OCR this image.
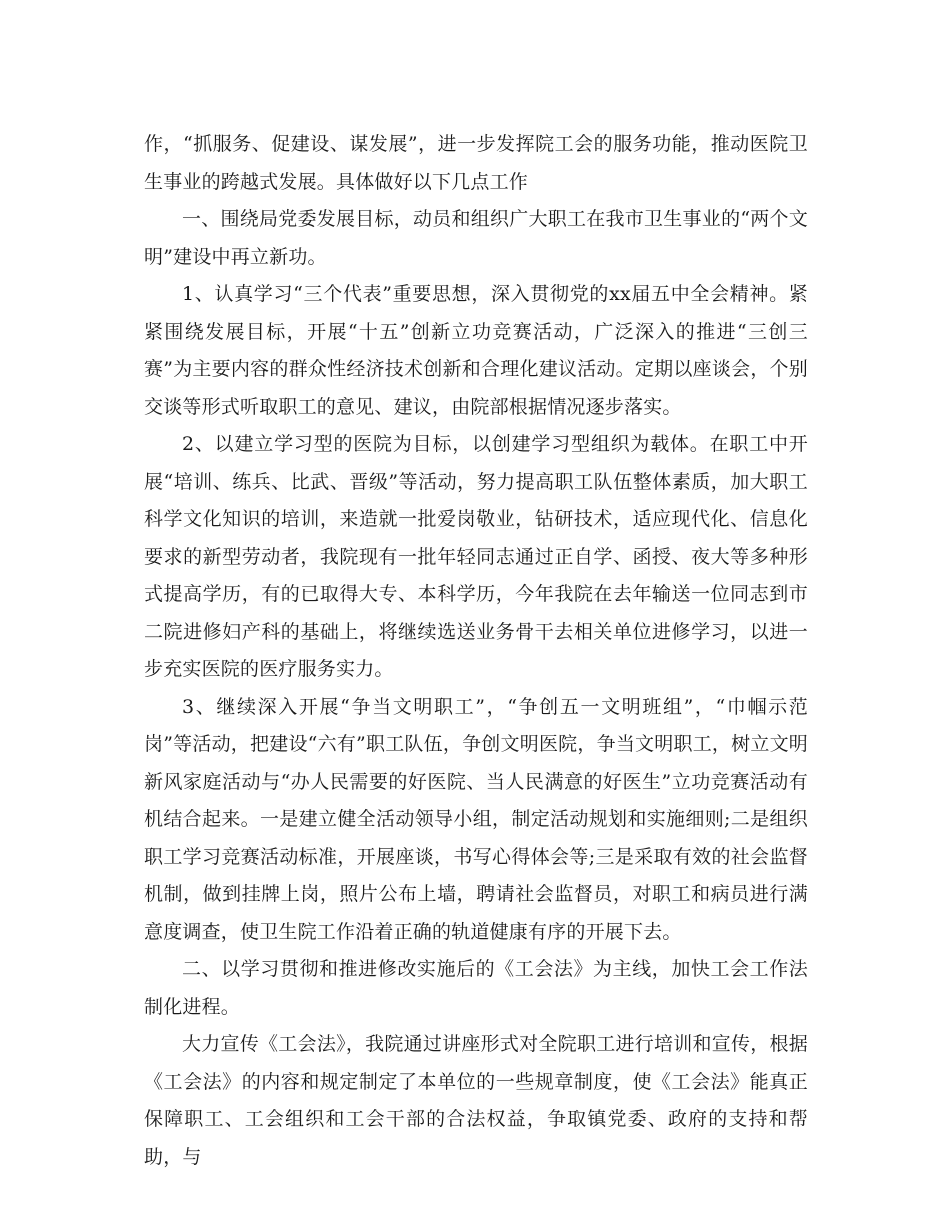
作，“抓服务、促建设、谋发展”，进一步发挥院工会的服务功能，推动医院卫生事业的跨越式发展。具体做好以下几点工作

一、围绕局党委发展目标，动员和组织广大职工在我市卫生事业的“两个文明”建设中再立新功。

1、认真学习“三个代表”重要思想，深入贯彻党的xx届五中全会精神。紧紧围绕发展目标，开展“十五”创新立功竞赛活动，广泛深入的推进“三创三赛”为主要内容的群众性经济技术创新和合理化建议活动。定期以座谈会，个别交谈等形式听取职工的意见、建议，由院部根据情况逐步落实。

2、以建立学习型的医院为目标，以创建学习型组织为载体。在职工中开展“培训、练兵、比武、晋级”等活动，努力提高职工队伍整体素质，加大职工科学文化知识的培训，来造就一批爱岗敬业，钻研技术，适应现代化、信息化要求的新型劳动者，我院现有一批年轻同志通过正自学、函授、夜大等多种形式提高学历，有的已取得大专、本科学历，今年我院在去年输送一位同志到市二院进修妇产科的基础上，将继续选送业务骨干去相关单位进修学习，以进一步充实医院的医疗服务实力。

3、继续深入开展“争当文明职工”，“争创五一文明班组”，“巾帼示范岗”等活动，把建设“六有”职工队伍，争创文明医院，争当文明职工，树立文明新风家庭活动与“办人民需要的好医院、当人民满意的好医生”立功竞赛活动有机结合起来。一是建立健全活动领导小组，制定活动规划和实施细则;二是组织职工学习竞赛活动标准，开展座谈，书写心得体会等;三是采取有效的社会监督机制，做到挂牌上岗，照片公布上墙，聘请社会监督员，对职工和病员进行满意度调查，使卫生院工作沿着正确的轨道健康有序的开展下去。

二、以学习贯彻和推进修改实施后的《工会法》为主线，加快工会工作法制化进程。

大力宣传《工会法》，我院通过讲座形式对全院职工进行培训和宣传，根据《工会法》的内容和规定制定了本单位的一些规章制度，使《工会法》能真正保障职工、工会组织和工会干部的合法权益，争取镇党委、政府的支持和帮助，与
